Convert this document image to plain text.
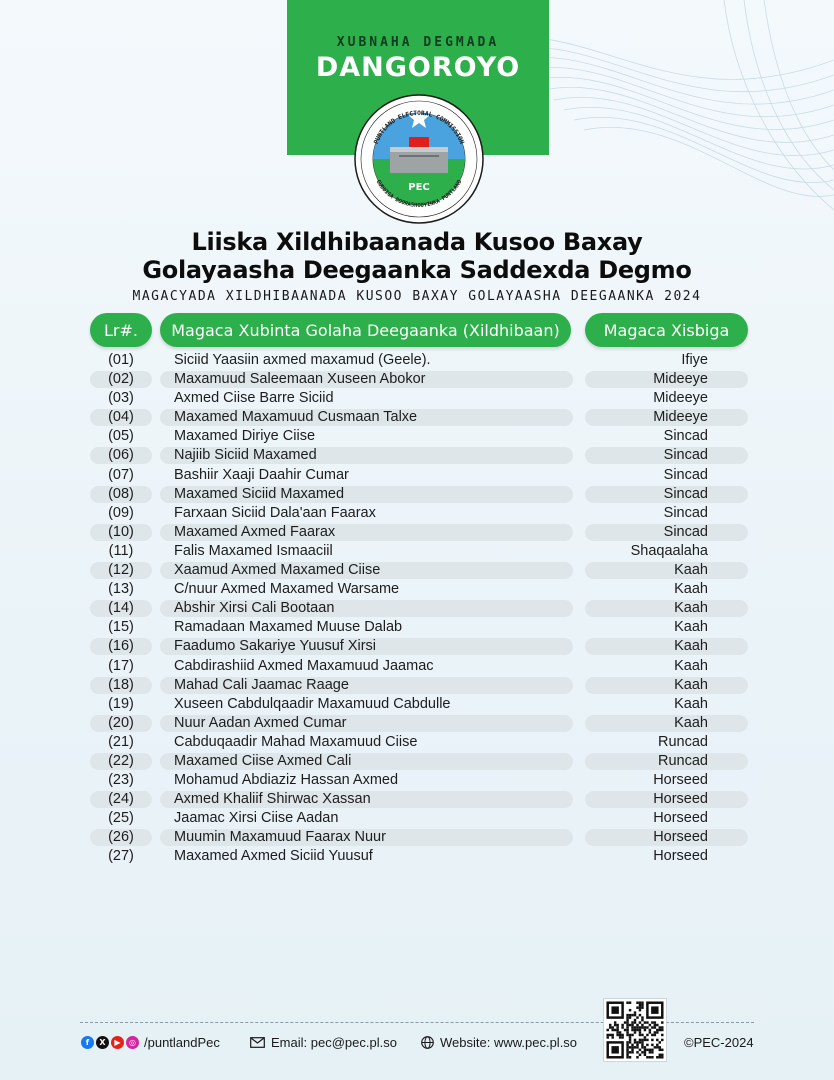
XUBNAHA DEGMADA
DANGOROYO
PUNTLAND ELECTORAL COMMISSION
GUDDIGA DOORASHOOYINKA PUNTLAND
PEC
Liiska Xildhibaanada Kusoo Baxay
Golayaasha Deegaanka Saddexda Degmo
MAGACYADA XILDHIBAANADA KUSOO BAXAY GOLAYAASHA DEEGAANKA 2024
Lr#.	Magaca Xubinta Golaha Deegaanka (Xildhibaan)	Magaca Xisbiga
(01)	Siciid Yaasiin axmed maxamud (Geele).	Ifiye
(02)	Maxamuud Saleemaan Xuseen Abokor	Mideeye
(03)	Axmed Ciise Barre Siciid	Mideeye
(04)	Maxamed Maxamuud Cusmaan Talxe	Mideeye
(05)	Maxamed Diriye Ciise	Sincad
(06)	Najiib Siciid Maxamed	Sincad
(07)	Bashiir Xaaji Daahir Cumar	Sincad
(08)	Maxamed Siciid Maxamed	Sincad
(09)	Farxaan Siciid Dala'aan Faarax	Sincad
(10)	Maxamed Axmed Faarax	Sincad
(11)	Falis Maxamed Ismaaciil	Shaqaalaha
(12)	Xaamud Axmed Maxamed Ciise	Kaah
(13)	C/nuur Axmed Maxamed Warsame	Kaah
(14)	Abshir Xirsi Cali Bootaan	Kaah
(15)	Ramadaan Maxamed Muuse Dalab	Kaah
(16)	Faadumo Sakariye Yuusuf Xirsi	Kaah
(17)	Cabdirashiid Axmed Maxamuud Jaamac	Kaah
(18)	Mahad Cali Jaamac Raage	Kaah
(19)	Xuseen Cabdulqaadir Maxamuud Cabdulle	Kaah
(20)	Nuur Aadan Axmed Cumar	Kaah
(21)	Cabduqaadir Mahad Maxamuud Ciise	Runcad
(22)	Maxamed Ciise Axmed Cali	Runcad
(23)	Mohamud Abdiaziz Hassan Axmed	Horseed
(24)	Axmed Khaliif Shirwac Xassan	Horseed
(25)	Jaamac Xirsi Ciise Aadan	Horseed
(26)	Muumin Maxamuud Faarax Nuur	Horseed
(27)	Maxamed Axmed Siciid Yuusuf	Horseed
f	X	▶	◎ /puntlandPec	Email: pec@pec.pl.so	Website: www.pec.pl.so	©PEC-2024
